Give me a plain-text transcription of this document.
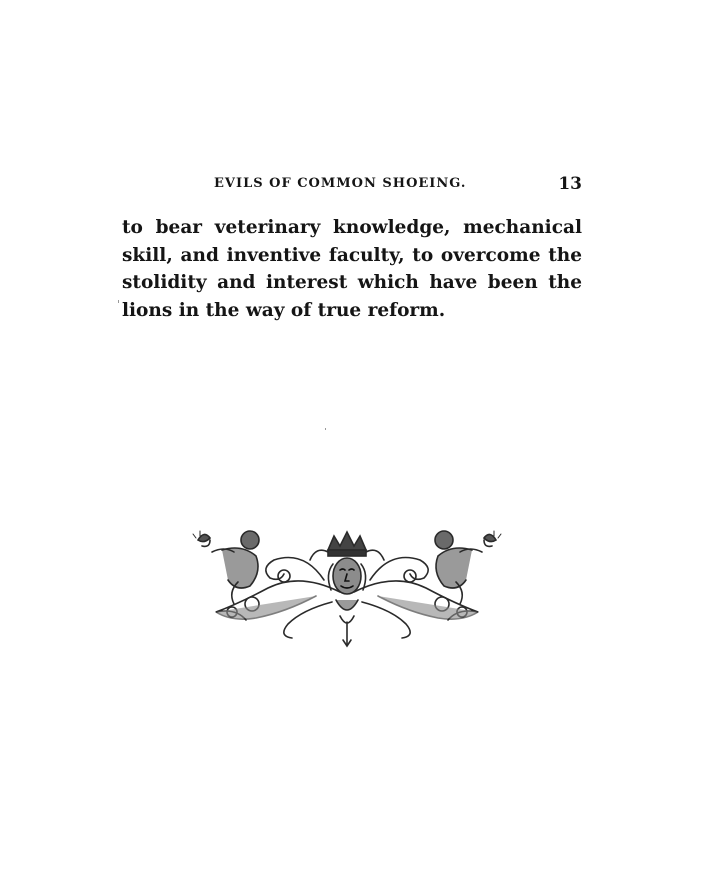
EVILS OF COMMON SHOEING.	13
to bear veterinary knowledge, mechanical
skill, and inventive faculty, to overcome the
stolidity and interest which have been the
lions in the way of true reform.
